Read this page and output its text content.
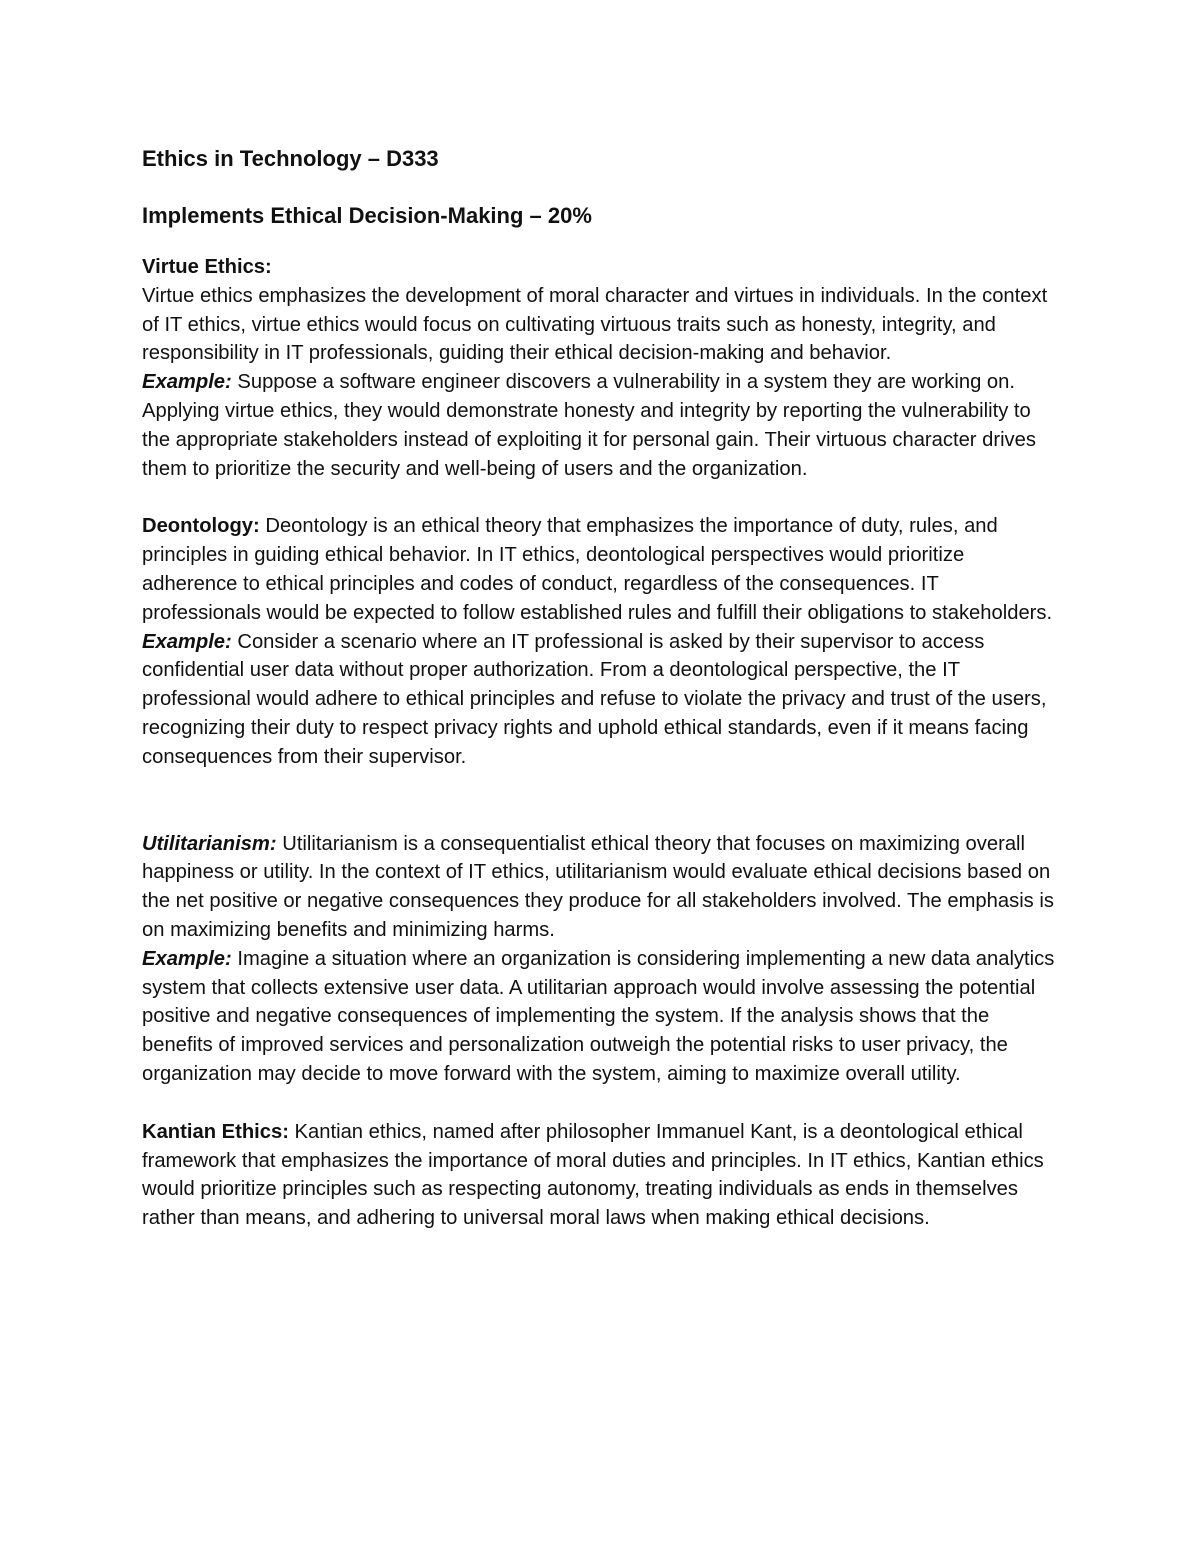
Ethics in Technology – D333
Implements Ethical Decision-Making – 20%
Virtue Ethics:
Virtue ethics emphasizes the development of moral character and virtues in individuals. In the context of IT ethics, virtue ethics would focus on cultivating virtuous traits such as honesty, integrity, and responsibility in IT professionals, guiding their ethical decision-making and behavior.
Example: Suppose a software engineer discovers a vulnerability in a system they are working on. Applying virtue ethics, they would demonstrate honesty and integrity by reporting the vulnerability to the appropriate stakeholders instead of exploiting it for personal gain. Their virtuous character drives them to prioritize the security and well-being of users and the organization.
Deontology: Deontology is an ethical theory that emphasizes the importance of duty, rules, and principles in guiding ethical behavior. In IT ethics, deontological perspectives would prioritize adherence to ethical principles and codes of conduct, regardless of the consequences. IT professionals would be expected to follow established rules and fulfill their obligations to stakeholders.
Example: Consider a scenario where an IT professional is asked by their supervisor to access confidential user data without proper authorization. From a deontological perspective, the IT professional would adhere to ethical principles and refuse to violate the privacy and trust of the users, recognizing their duty to respect privacy rights and uphold ethical standards, even if it means facing consequences from their supervisor.
Utilitarianism: Utilitarianism is a consequentialist ethical theory that focuses on maximizing overall happiness or utility. In the context of IT ethics, utilitarianism would evaluate ethical decisions based on the net positive or negative consequences they produce for all stakeholders involved. The emphasis is on maximizing benefits and minimizing harms.
Example: Imagine a situation where an organization is considering implementing a new data analytics system that collects extensive user data. A utilitarian approach would involve assessing the potential positive and negative consequences of implementing the system. If the analysis shows that the benefits of improved services and personalization outweigh the potential risks to user privacy, the organization may decide to move forward with the system, aiming to maximize overall utility.
Kantian Ethics: Kantian ethics, named after philosopher Immanuel Kant, is a deontological ethical framework that emphasizes the importance of moral duties and principles. In IT ethics, Kantian ethics would prioritize principles such as respecting autonomy, treating individuals as ends in themselves rather than means, and adhering to universal moral laws when making ethical decisions.
